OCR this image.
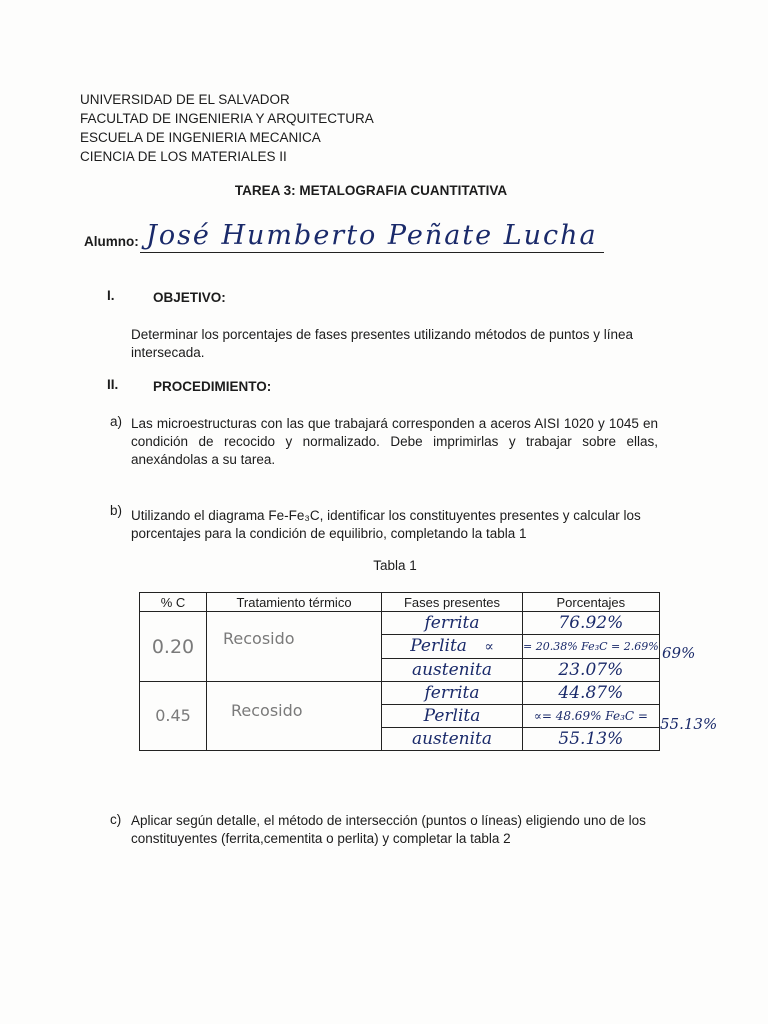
UNIVERSIDAD DE EL SALVADOR
FACULTAD DE INGENIERIA Y ARQUITECTURA
ESCUELA DE INGENIERIA MECANICA
CIENCIA DE LOS MATERIALES II
TAREA 3: METALOGRAFIA CUANTITATIVA
Alumno: José Humberto Peñate Lucha
I.	OBJETIVO:
Determinar los porcentajes de fases presentes utilizando métodos de puntos y línea intersecada.
II.	PROCEDIMIENTO:
a) Las microestructuras con las que trabajará corresponden a aceros AISI 1020 y 1045 en condición de recocido y normalizado. Debe imprimirlas y trabajar sobre ellas, anexándolas a su tarea.
b) Utilizando el diagrama Fe-Fe₃C, identificar los constituyentes presentes y calcular los porcentajes para la condición de equilibrio, completando la tabla 1
Tabla 1
% C	Tratamiento térmico	Fases presentes	Porcentajes
0.20	Recosido	ferrita	76.92%
		Perlita ∝	= 20.38% Fe₃C = 2.69%
		austenita	23.07%
0.45	Recosido	ferrita	44.87%
		Perlita	∝= 48.69% Fe₃C =
		austenita	55.13%
69%
55.13%
c) Aplicar según detalle, el método de intersección (puntos o líneas) eligiendo uno de los constituyentes (ferrita,cementita o perlita) y completar la tabla 2
